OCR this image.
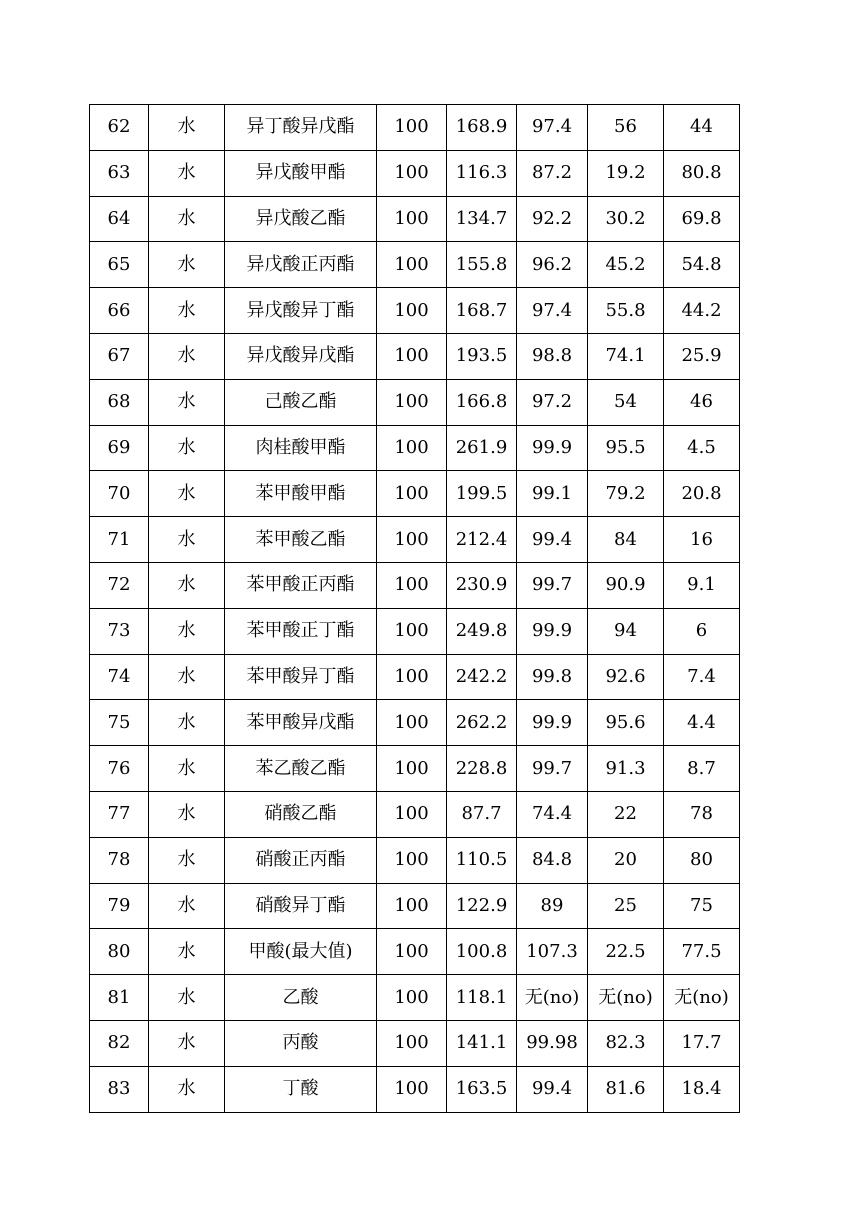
62	水	异丁酸异戊酯	100	168.9	97.4	56	44
63	水	异戊酸甲酯	100	116.3	87.2	19.2	80.8
64	水	异戊酸乙酯	100	134.7	92.2	30.2	69.8
65	水	异戊酸正丙酯	100	155.8	96.2	45.2	54.8
66	水	异戊酸异丁酯	100	168.7	97.4	55.8	44.2
67	水	异戊酸异戊酯	100	193.5	98.8	74.1	25.9
68	水	己酸乙酯	100	166.8	97.2	54	46
69	水	肉桂酸甲酯	100	261.9	99.9	95.5	4.5
70	水	苯甲酸甲酯	100	199.5	99.1	79.2	20.8
71	水	苯甲酸乙酯	100	212.4	99.4	84	16
72	水	苯甲酸正丙酯	100	230.9	99.7	90.9	9.1
73	水	苯甲酸正丁酯	100	249.8	99.9	94	6
74	水	苯甲酸异丁酯	100	242.2	99.8	92.6	7.4
75	水	苯甲酸异戊酯	100	262.2	99.9	95.6	4.4
76	水	苯乙酸乙酯	100	228.8	99.7	91.3	8.7
77	水	硝酸乙酯	100	87.7	74.4	22	78
78	水	硝酸正丙酯	100	110.5	84.8	20	80
79	水	硝酸异丁酯	100	122.9	89	25	75
80	水	甲酸(最大值)	100	100.8	107.3	22.5	77.5
81	水	乙酸	100	118.1	无(no)	无(no)	无(no)
82	水	丙酸	100	141.1	99.98	82.3	17.7
83	水	丁酸	100	163.5	99.4	81.6	18.4
